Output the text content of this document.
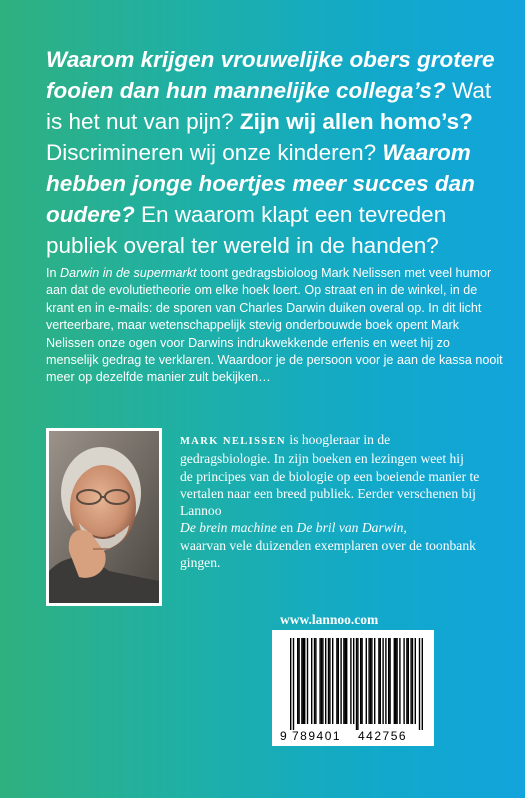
Waarom krijgen vrouwelijke obers grotere fooien dan hun mannelijke collega’s? Wat is het nut van pijn? Zijn wij allen homo’s? Discrimineren wij onze kinderen? Waarom hebben jonge hoertjes meer succes dan oudere? En waarom klapt een tevreden publiek overal ter wereld in de handen?

In Darwin in de supermarkt toont gedragsbioloog Mark Nelissen met veel humor aan dat de evolutietheorie om elke hoek loert. Op straat en in de winkel, in de krant en in e-mails: de sporen van Charles Darwin duiken overal op. In dit licht verteerbare, maar wetenschappelijk stevig onderbouwde boek opent Mark Nelissen onze ogen voor Darwins indrukwekkende erfenis en weet hij zo menselijk gedrag te verklaren. Waardoor je de persoon voor je aan de kassa nooit meer op dezelfde manier zult bekijken…

MARK NELISSEN is hoogleraar in de gedragsbiologie. In zijn boeken en lezingen weet hij de principes van de biologie op een boeiende manier te vertalen naar een breed publiek. Eerder verschenen bij Lannoo
De brein machine en De bril van Darwin,
waarvan vele duizenden exemplaren over de toonbank gingen.

www.lannoo.com
9 789401 442756
